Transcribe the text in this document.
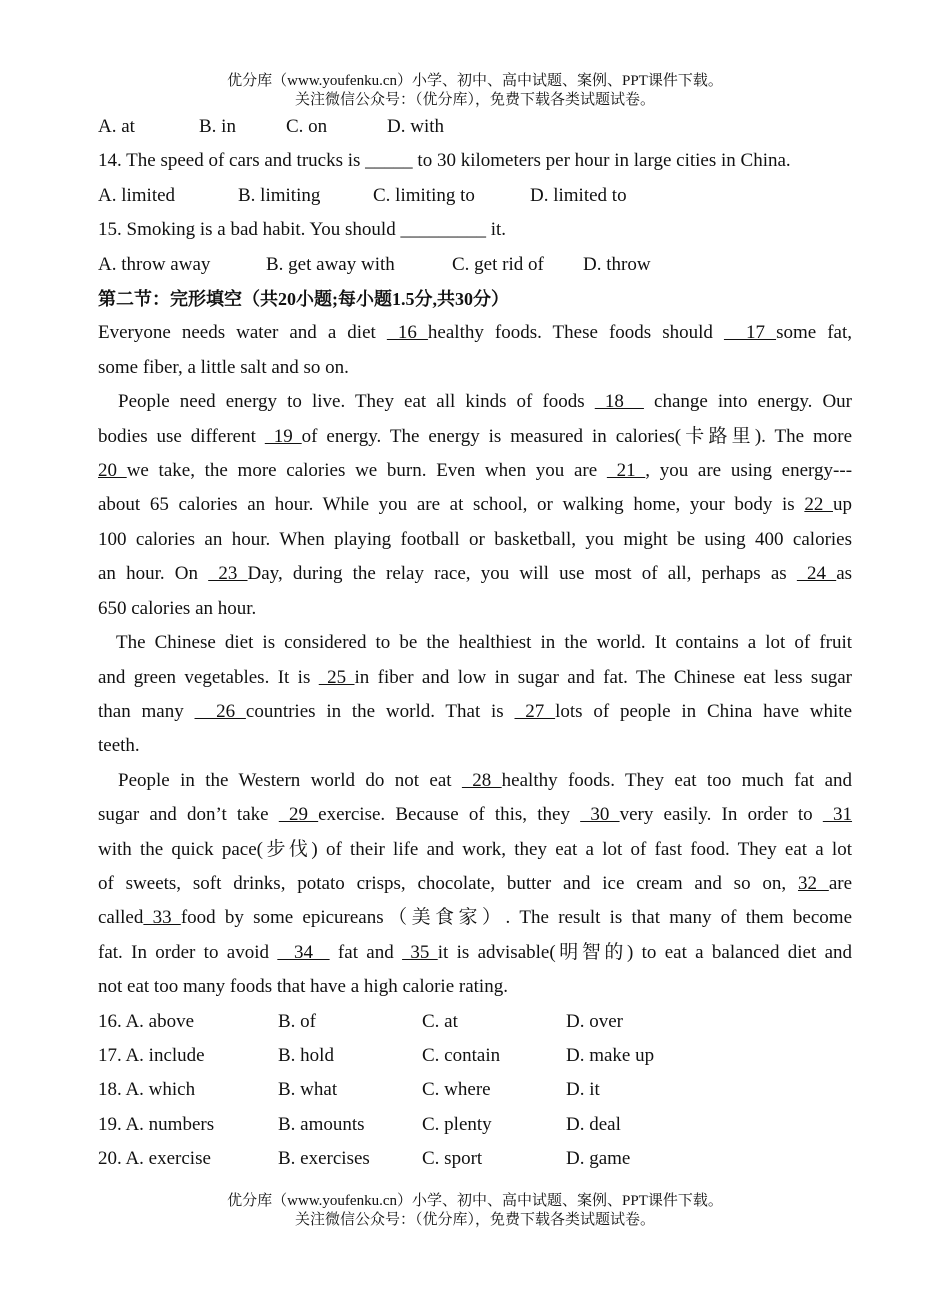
优分库（www.youfenku.cn）小学、初中、高中试题、案例、PPT课件下载。
关注微信公众号：（优分库），免费下载各类试题试卷。
A. at	B. in	C. on	D. with
14. The speed of cars and trucks is _____ to 30 kilometers per hour in large cities in China.
A. limited	B. limiting	C. limiting to	D. limited to
15. Smoking is a bad habit. You should _________ it.
A. throw away	B. get away with	C. get rid of D. throw
第二节：完形填空（共20小题;每小题1.5分,共30分）
Everyone needs water and a diet  16 healthy foods. These foods should   17 some fat,
some fiber, a little salt and so on.
People need energy to live. They eat all kinds of foods  18   change into energy. Our
bodies use different  19 of energy. The energy is measured in calories(卡路里). The more
20 we take, the more calories we burn. Even when you are  21 , you are using energy---
about 65 calories an hour. While you are at school, or walking home, your body is 22 up
100 calories an hour. When playing football or basketball, you might be using 400 calories
an hour. On  23 Day, during the relay race, you will use most of all, perhaps as  24 as
650 calories an hour.
The Chinese diet is considered to be the healthiest in the world. It contains a lot of fruit
and green vegetables. It is  25 in fiber and low in sugar and fat. The Chinese eat less sugar
than many   26 countries in the world. That is  27 lots of people in China have white
teeth.
People in the Western world do not eat  28 healthy foods. They eat too much fat and
sugar and don’t take  29 exercise. Because of this, they  30 very easily. In order to  31
with the quick pace(步伐) of their life and work, they eat a lot of fast food. They eat a lot
of sweets, soft drinks, potato crisps, chocolate, butter and ice cream and so on, 32 are
called 33 food by some epicureans（美食家）. The result is that many of them become
fat. In order to avoid   34   fat and  35 it is advisable(明智的) to eat a balanced diet and
not eat too many foods that have a high calorie rating.
16. A. above	B. of	C. at	D. over
17. A. include	B. hold	C. contain	D. make up
18. A. which	B. what	C. where	D. it
19. A. numbers	B. amounts	C. plenty	D. deal
20. A. exercise	B. exercises	C. sport	D. game
优分库（www.youfenku.cn）小学、初中、高中试题、案例、PPT课件下载。
关注微信公众号：（优分库），免费下载各类试题试卷。
